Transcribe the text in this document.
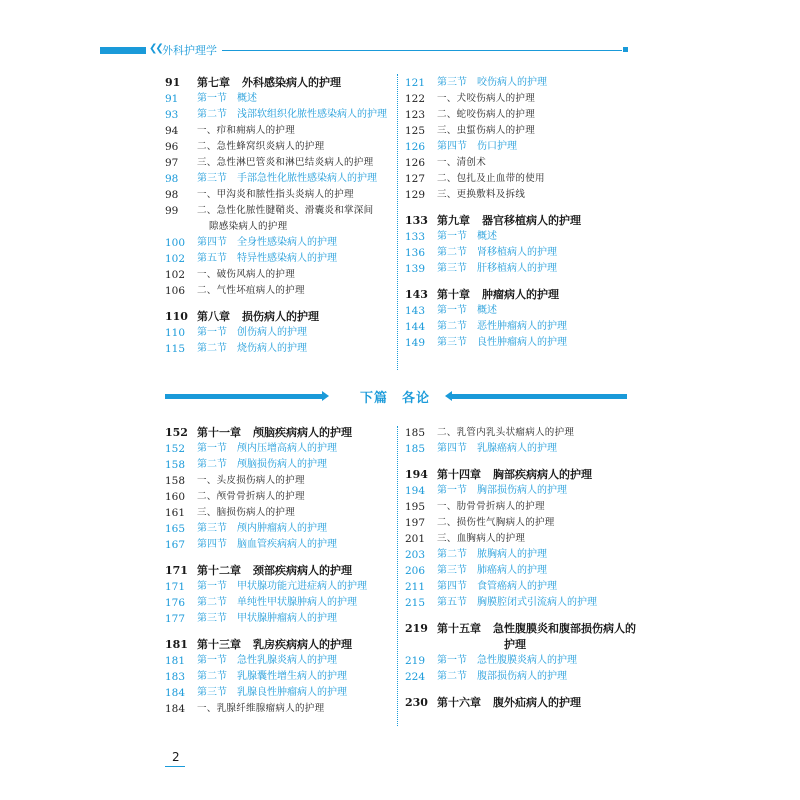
❮❮ 外科护理学
91	第七章 外科感染病人的护理
91	第一节 概述
93	第二节 浅部软组织化脓性感染病人的护理
94	一、疖和痈病人的护理
96	二、急性蜂窝织炎病人的护理
97	三、急性淋巴管炎和淋巴结炎病人的护理
98	第三节 手部急性化脓性感染病人的护理
98	一、甲沟炎和脓性指头炎病人的护理
99	二、急性化脓性腱鞘炎、滑囊炎和掌深间
隙感染病人的护理
100	第四节 全身性感染病人的护理
102	第五节 特异性感染病人的护理
102	一、破伤风病人的护理
106	二、气性坏疽病人的护理
110 第八章 损伤病人的护理
110	第一节 创伤病人的护理
115	第二节 烧伤病人的护理
121	第三节 咬伤病人的护理
122	一、犬咬伤病人的护理
123	二、蛇咬伤病人的护理
125	三、虫蜇伤病人的护理
126	第四节 伤口护理
126	一、清创术
127	二、包扎及止血带的使用
129	三、更换敷料及拆线
133 第九章 器官移植病人的护理
133	第一节 概述
136	第二节 肾移植病人的护理
139	第三节 肝移植病人的护理
143 第十章 肿瘤病人的护理
143	第一节 概述
144	第二节 恶性肿瘤病人的护理
149	第三节 良性肿瘤病人的护理
下篇　各论
152 第十一章 颅脑疾病病人的护理
152	第一节 颅内压增高病人的护理
158	第二节 颅脑损伤病人的护理
158	一、头皮损伤病人的护理
160	二、颅骨骨折病人的护理
161	三、脑损伤病人的护理
165	第三节 颅内肿瘤病人的护理
167	第四节 脑血管疾病病人的护理
171 第十二章 颈部疾病病人的护理
171	第一节 甲状腺功能亢进症病人的护理
176	第二节 单纯性甲状腺肿病人的护理
177	第三节 甲状腺肿瘤病人的护理
181 第十三章 乳房疾病病人的护理
181	第一节 急性乳腺炎病人的护理
183	第二节 乳腺囊性增生病人的护理
184	第三节 乳腺良性肿瘤病人的护理
184	一、乳腺纤维腺瘤病人的护理
185	二、乳管内乳头状瘤病人的护理
185	第四节 乳腺癌病人的护理
194 第十四章 胸部疾病病人的护理
194	第一节 胸部损伤病人的护理
195	一、肋骨骨折病人的护理
197	二、损伤性气胸病人的护理
201	三、血胸病人的护理
203	第二节 脓胸病人的护理
206	第三节 肺癌病人的护理
211	第四节 食管癌病人的护理
215	第五节 胸膜腔闭式引流病人的护理
219 第十五章 急性腹膜炎和腹部损伤病人的
护理
219	第一节 急性腹膜炎病人的护理
224	第二节 腹部损伤病人的护理
230 第十六章 腹外疝病人的护理
2
